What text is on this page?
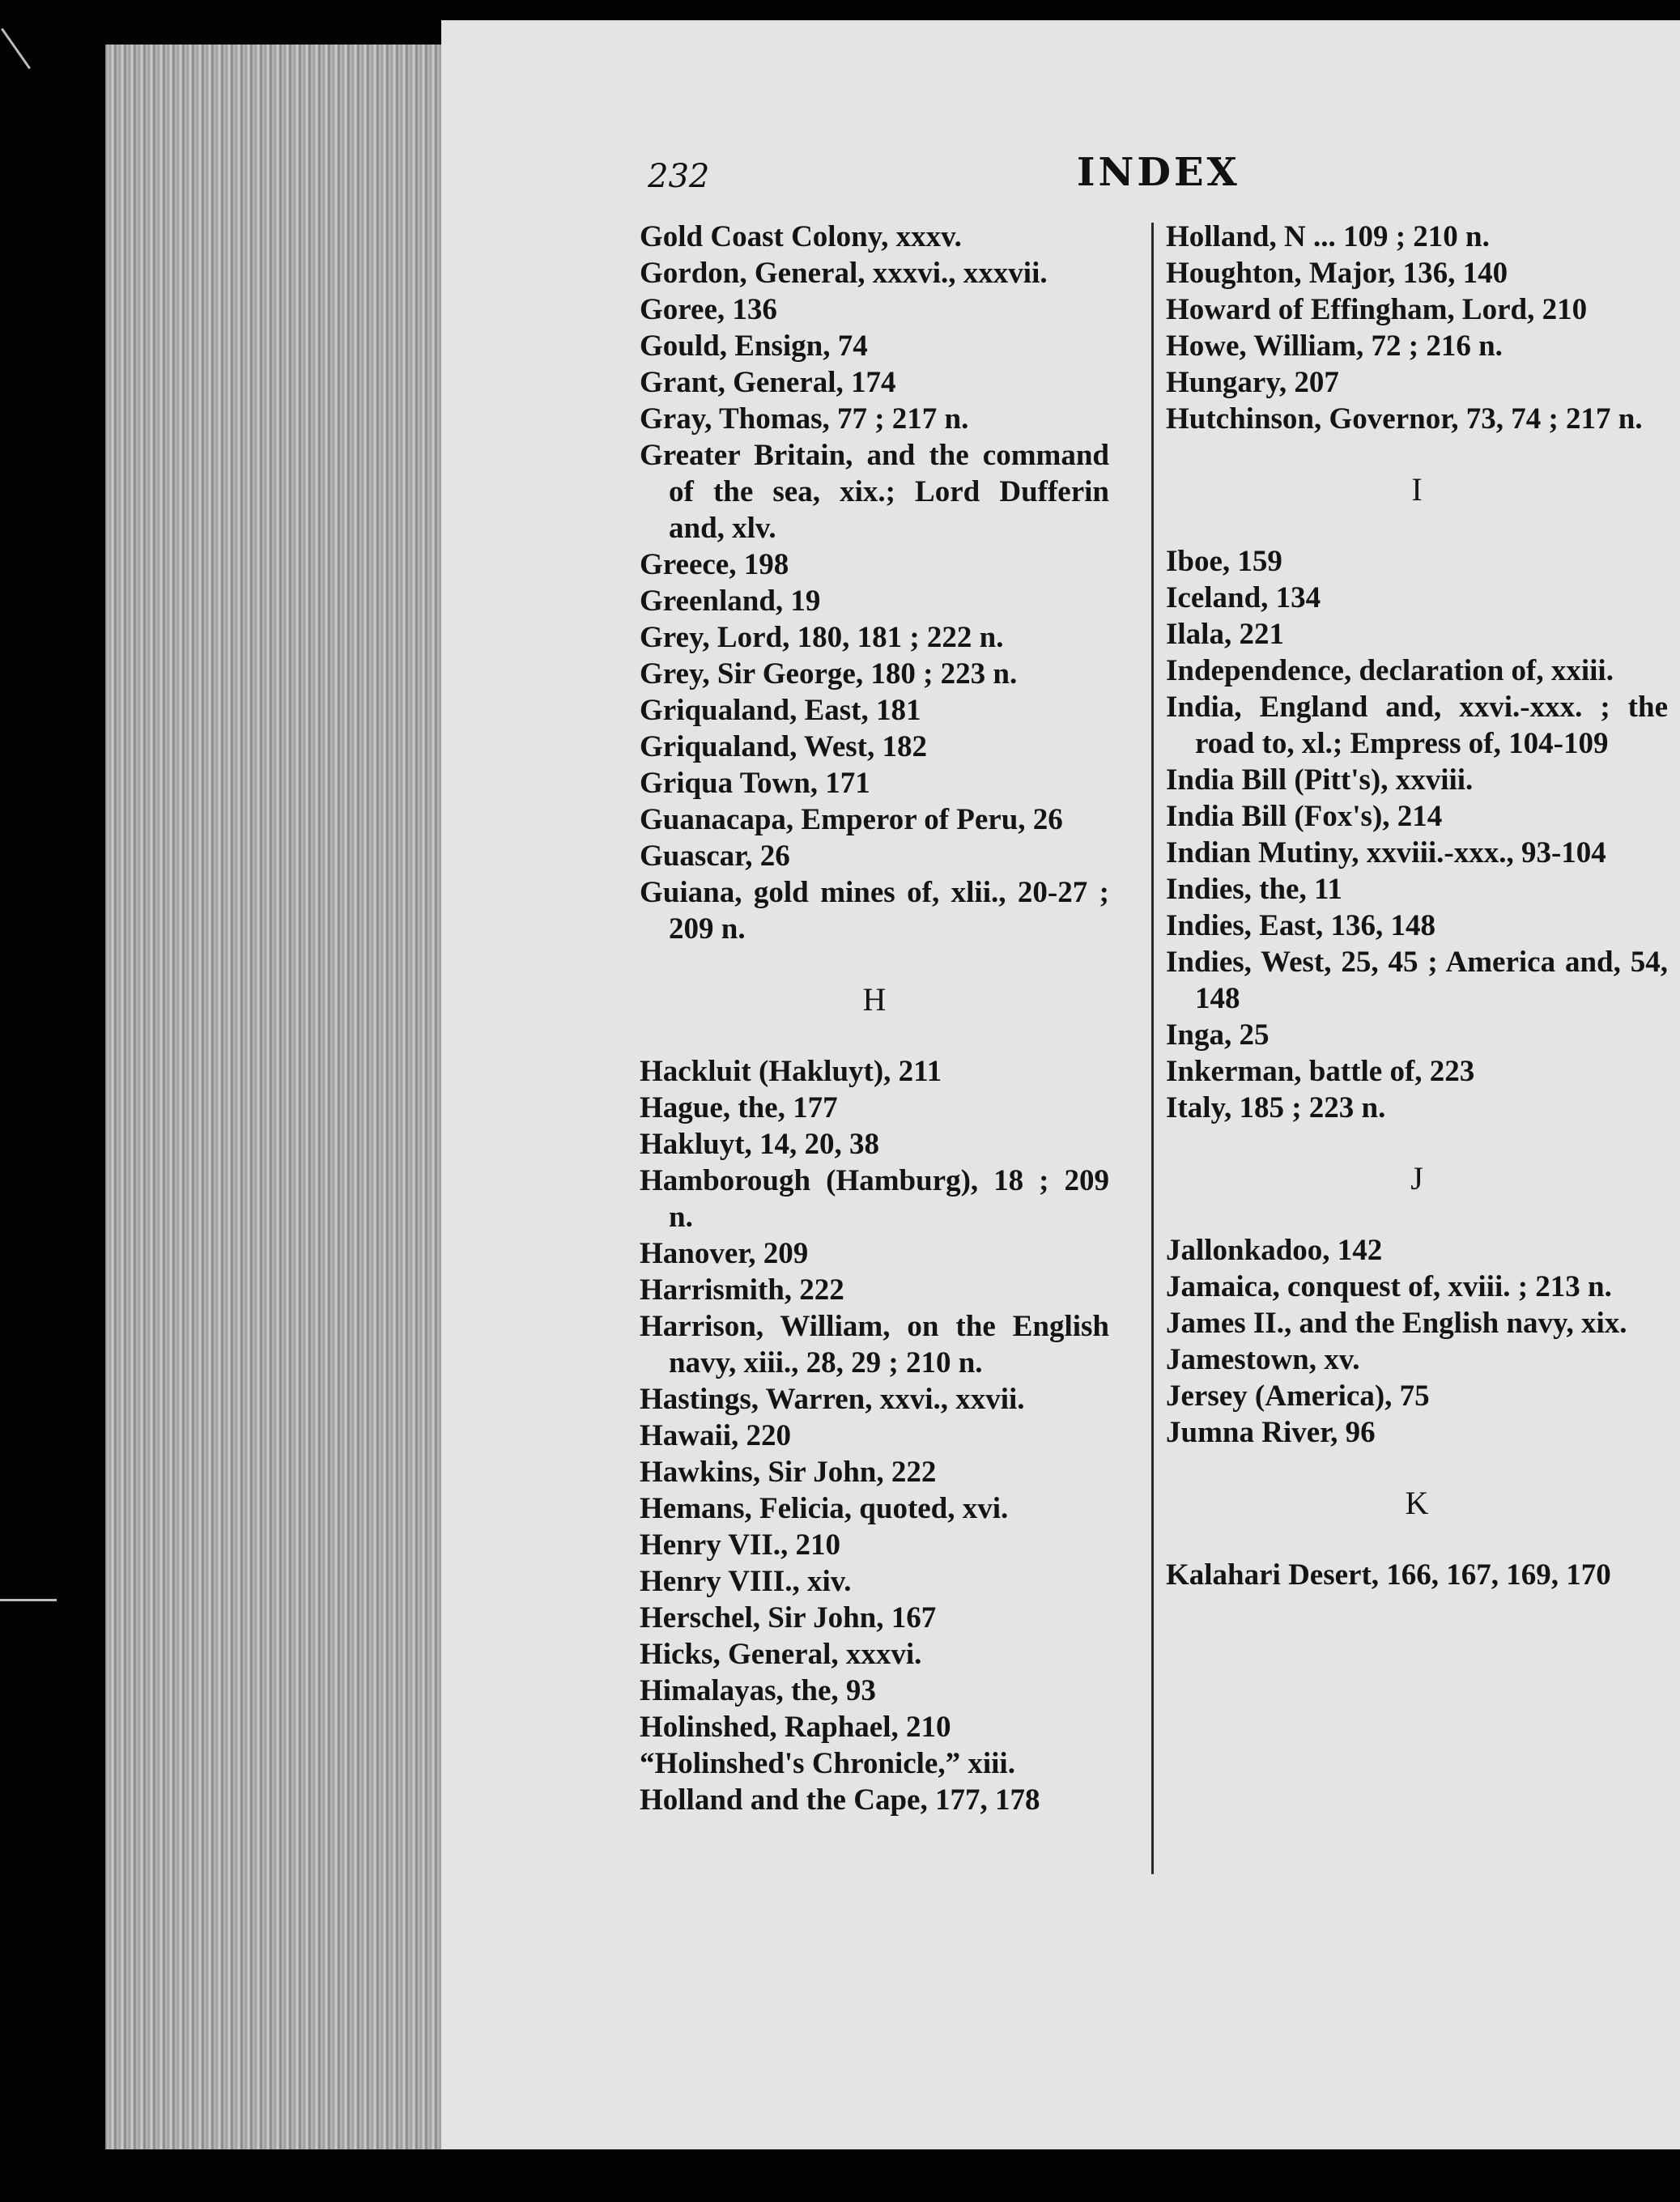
232	INDEX

Gold Coast Colony, xxxv.

Gordon, General, xxxvi., xxxvii.

Goree, 136

Gould, Ensign, 74

Grant, General, 174

Gray, Thomas, 77 ; 217 n.

Greater Britain, and the command of the sea, xix.; Lord Dufferin and, xlv.

Greece, 198

Greenland, 19

Grey, Lord, 180, 181 ; 222 n.

Grey, Sir George, 180 ; 223 n.

Griqualand, East, 181

Griqualand, West, 182

Griqua Town, 171

Guanacapa, Emperor of Peru, 26

Guascar, 26

Guiana, gold mines of, xlii., 20-27 ; 209 n.

H

Hackluit (Hakluyt), 211

Hague, the, 177

Hakluyt, 14, 20, 38

Hamborough (Hamburg), 18 ; 209 n.

Hanover, 209

Harrismith, 222

Harrison, William, on the English navy, xiii., 28, 29 ; 210 n.

Hastings, Warren, xxvi., xxvii.

Hawaii, 220

Hawkins, Sir John, 222

Hemans, Felicia, quoted, xvi.

Henry VII., 210

Henry VIII., xiv.

Herschel, Sir John, 167

Hicks, General, xxxvi.

Himalayas, the, 93

Holinshed, Raphael, 210

“Holinshed's Chronicle,” xiii.

Holland and the Cape, 177, 178

Holland, N ... 109 ; 210 n.

Houghton, Major, 136, 140

Howard of Effingham, Lord, 210

Howe, William, 72 ; 216 n.

Hungary, 207

Hutchinson, Governor, 73, 74 ; 217 n.

I

Iboe, 159

Iceland, 134

Ilala, 221

Independence, declaration of, xxiii.

India, England and, xxvi.-xxx. ; the road to, xl.; Empress of, 104-109

India Bill (Pitt's), xxviii.

India Bill (Fox's), 214

Indian Mutiny, xxviii.-xxx., 93-104

Indies, the, 11

Indies, East, 136, 148

Indies, West, 25, 45 ; America and, 54, 148

Inga, 25

Inkerman, battle of, 223

Italy, 185 ; 223 n.

J

Jallonkadoo, 142

Jamaica, conquest of, xviii. ; 213 n.

James II., and the English navy, xix.

Jamestown, xv.

Jersey (America), 75

Jumna River, 96

K

Kalahari Desert, 166, 167, 169, 170
